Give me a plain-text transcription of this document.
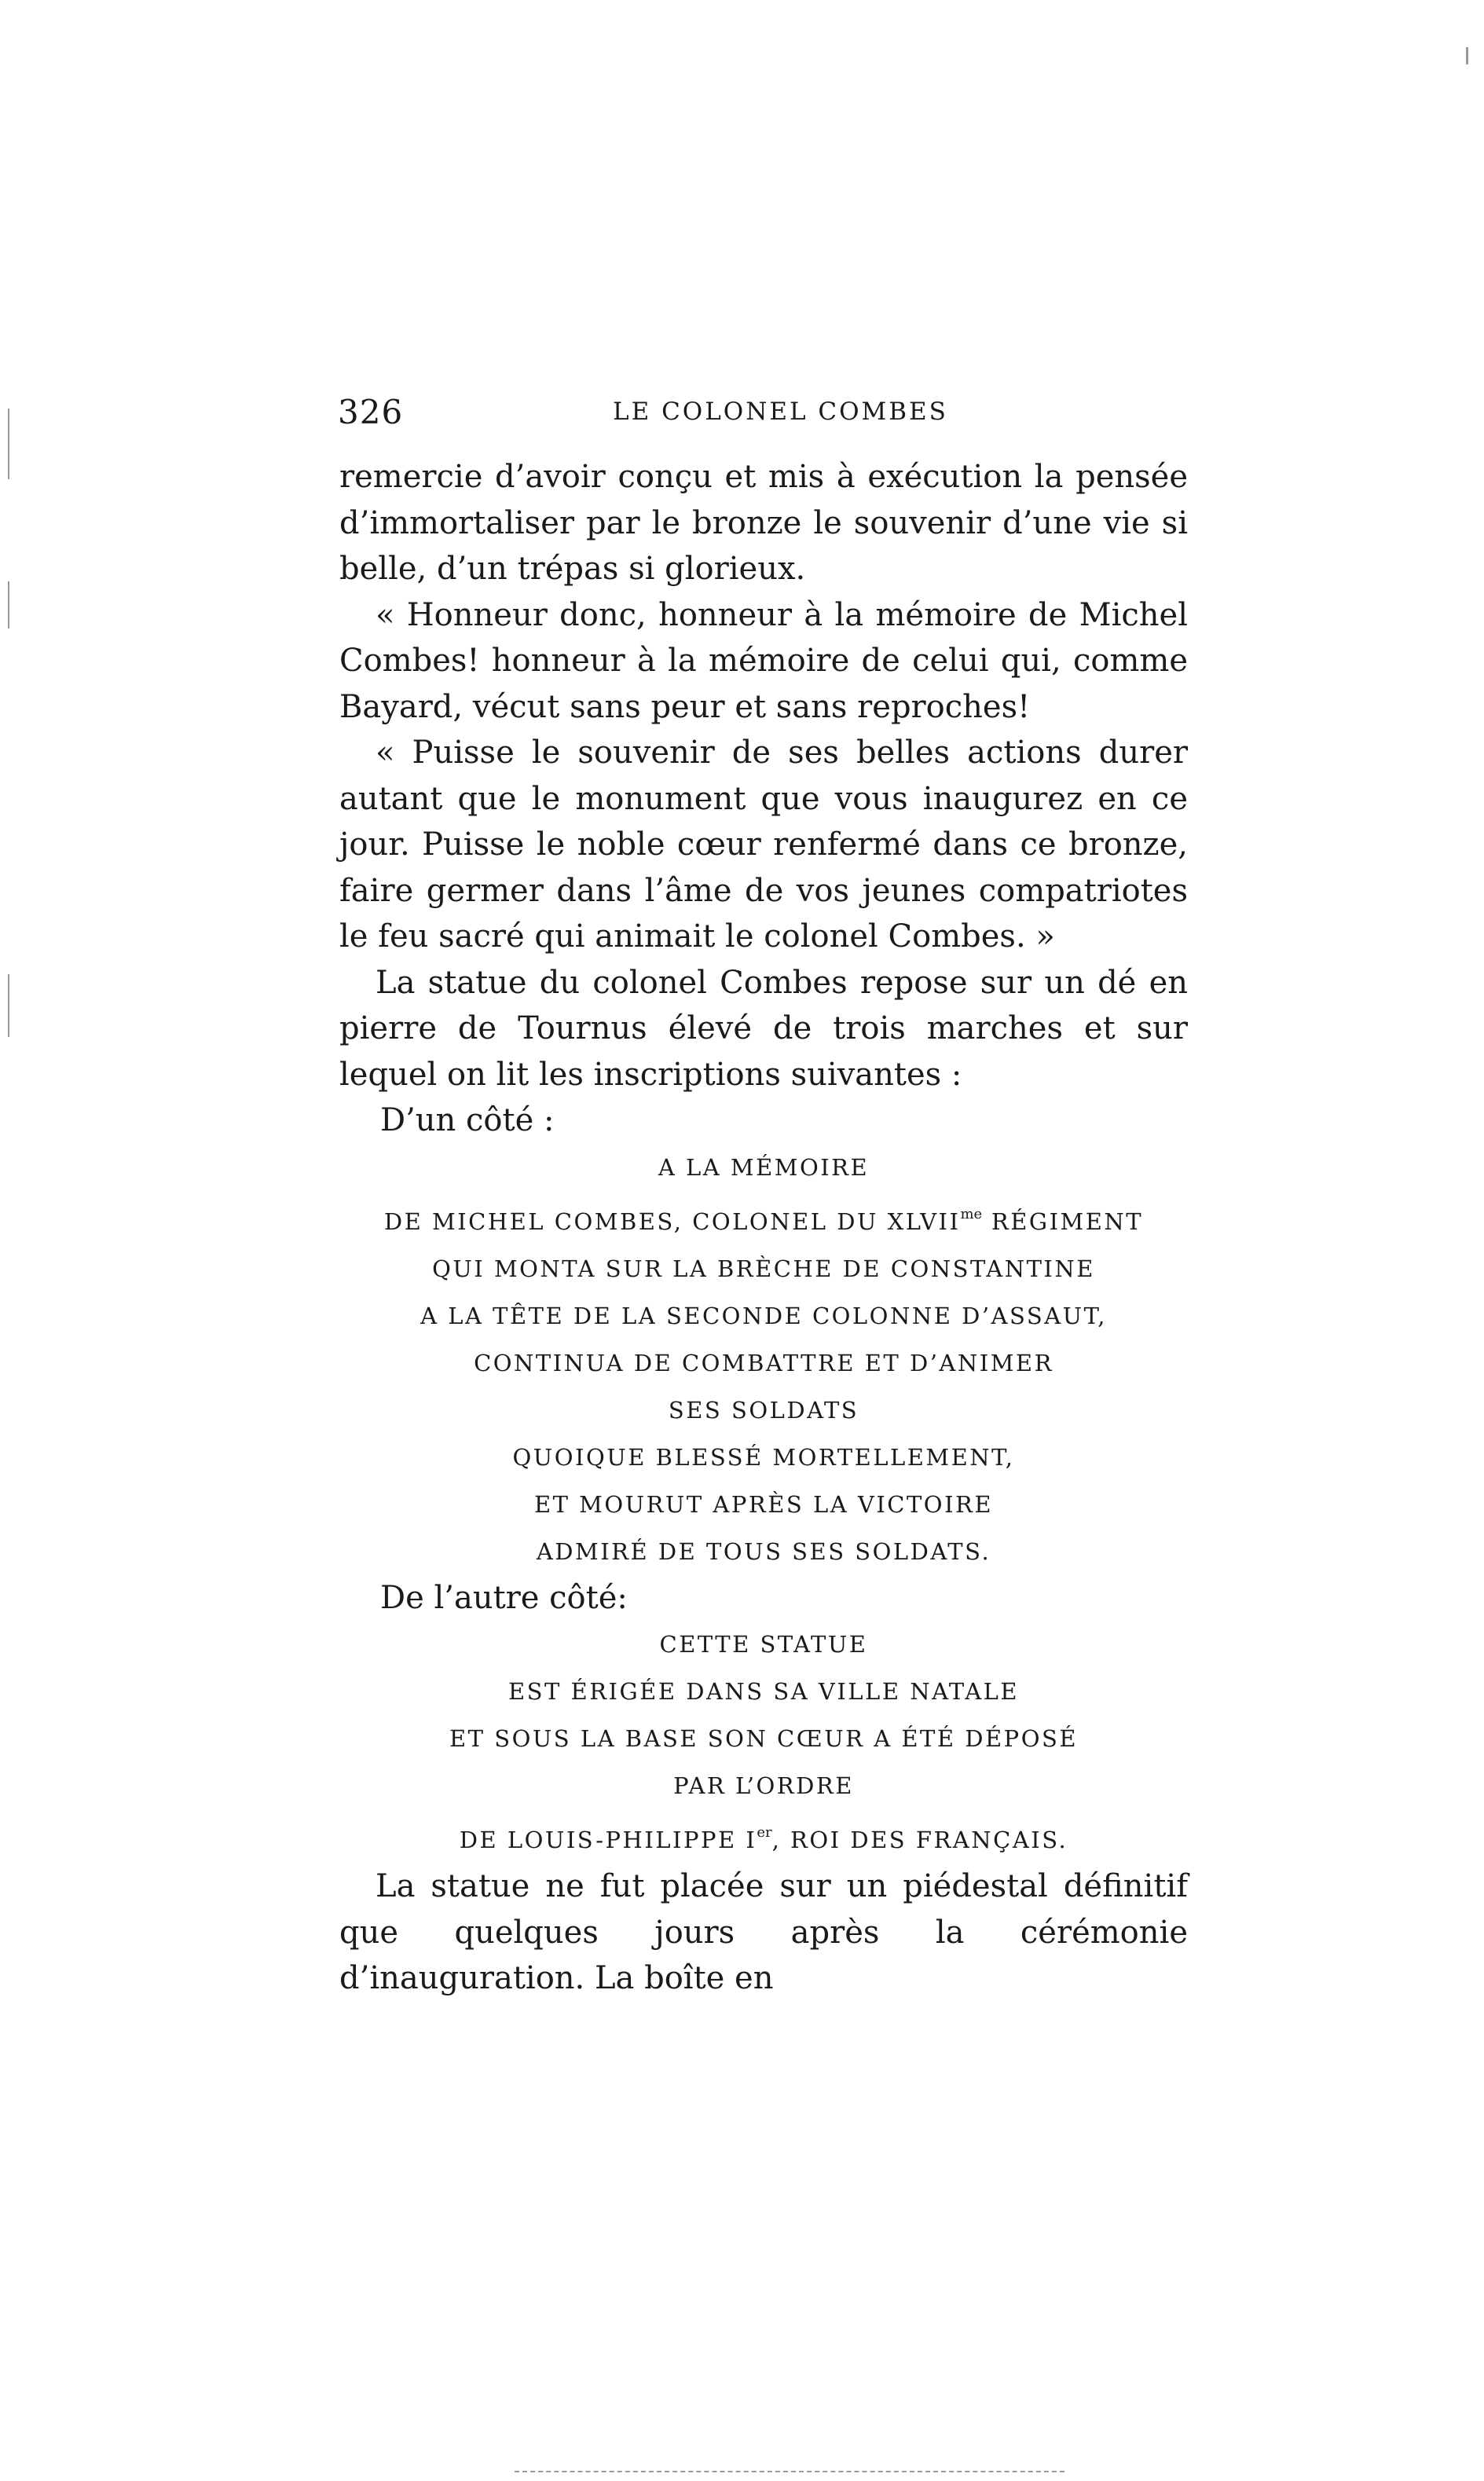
326	LE COLONEL COMBES

remercie d’avoir conçu et mis à exécution la pensée d’immortaliser par le bronze le souvenir d’une vie si belle, d’un trépas si glorieux.

« Honneur donc, honneur à la mémoire de Michel Combes! honneur à la mémoire de celui qui, comme Bayard, vécut sans peur et sans reproches!

« Puisse le souvenir de ses belles actions durer autant que le monument que vous inaugurez en ce jour. Puisse le noble cœur renfermé dans ce bronze, faire germer dans l’âme de vos jeunes compatriotes le feu sacré qui animait le colonel Combes. »

La statue du colonel Combes repose sur un dé en pierre de Tournus élevé de trois marches et sur lequel on lit les inscriptions suivantes :

D’un côté :

A LA MÉMOIRE
DE MICHEL COMBES, COLONEL DU $XLVII^{me}$ RÉGIMENT
QUI MONTA SUR LA BRÈCHE DE CONSTANTINE
A LA TÊTE DE LA SECONDE COLONNE D’ASSAUT,
CONTINUA DE COMBATTRE ET D’ANIMER
SES SOLDATS
QUOIQUE BLESSÉ MORTELLEMENT,
ET MOURUT APRÈS LA VICTOIRE
ADMIRÉ DE TOUS SES SOLDATS.

De l’autre côté:

CETTE STATUE
EST ÉRIGÉE DANS SA VILLE NATALE
ET SOUS LA BASE SON CŒUR A ÉTÉ DÉPOSÉ
PAR L’ORDRE
DE LOUIS-PHILIPPE Ier, ROI DES FRANÇAIS.

La statue ne fut placée sur un piédestal définitif que quelques jours après la cérémonie d’inauguration. La boîte en
